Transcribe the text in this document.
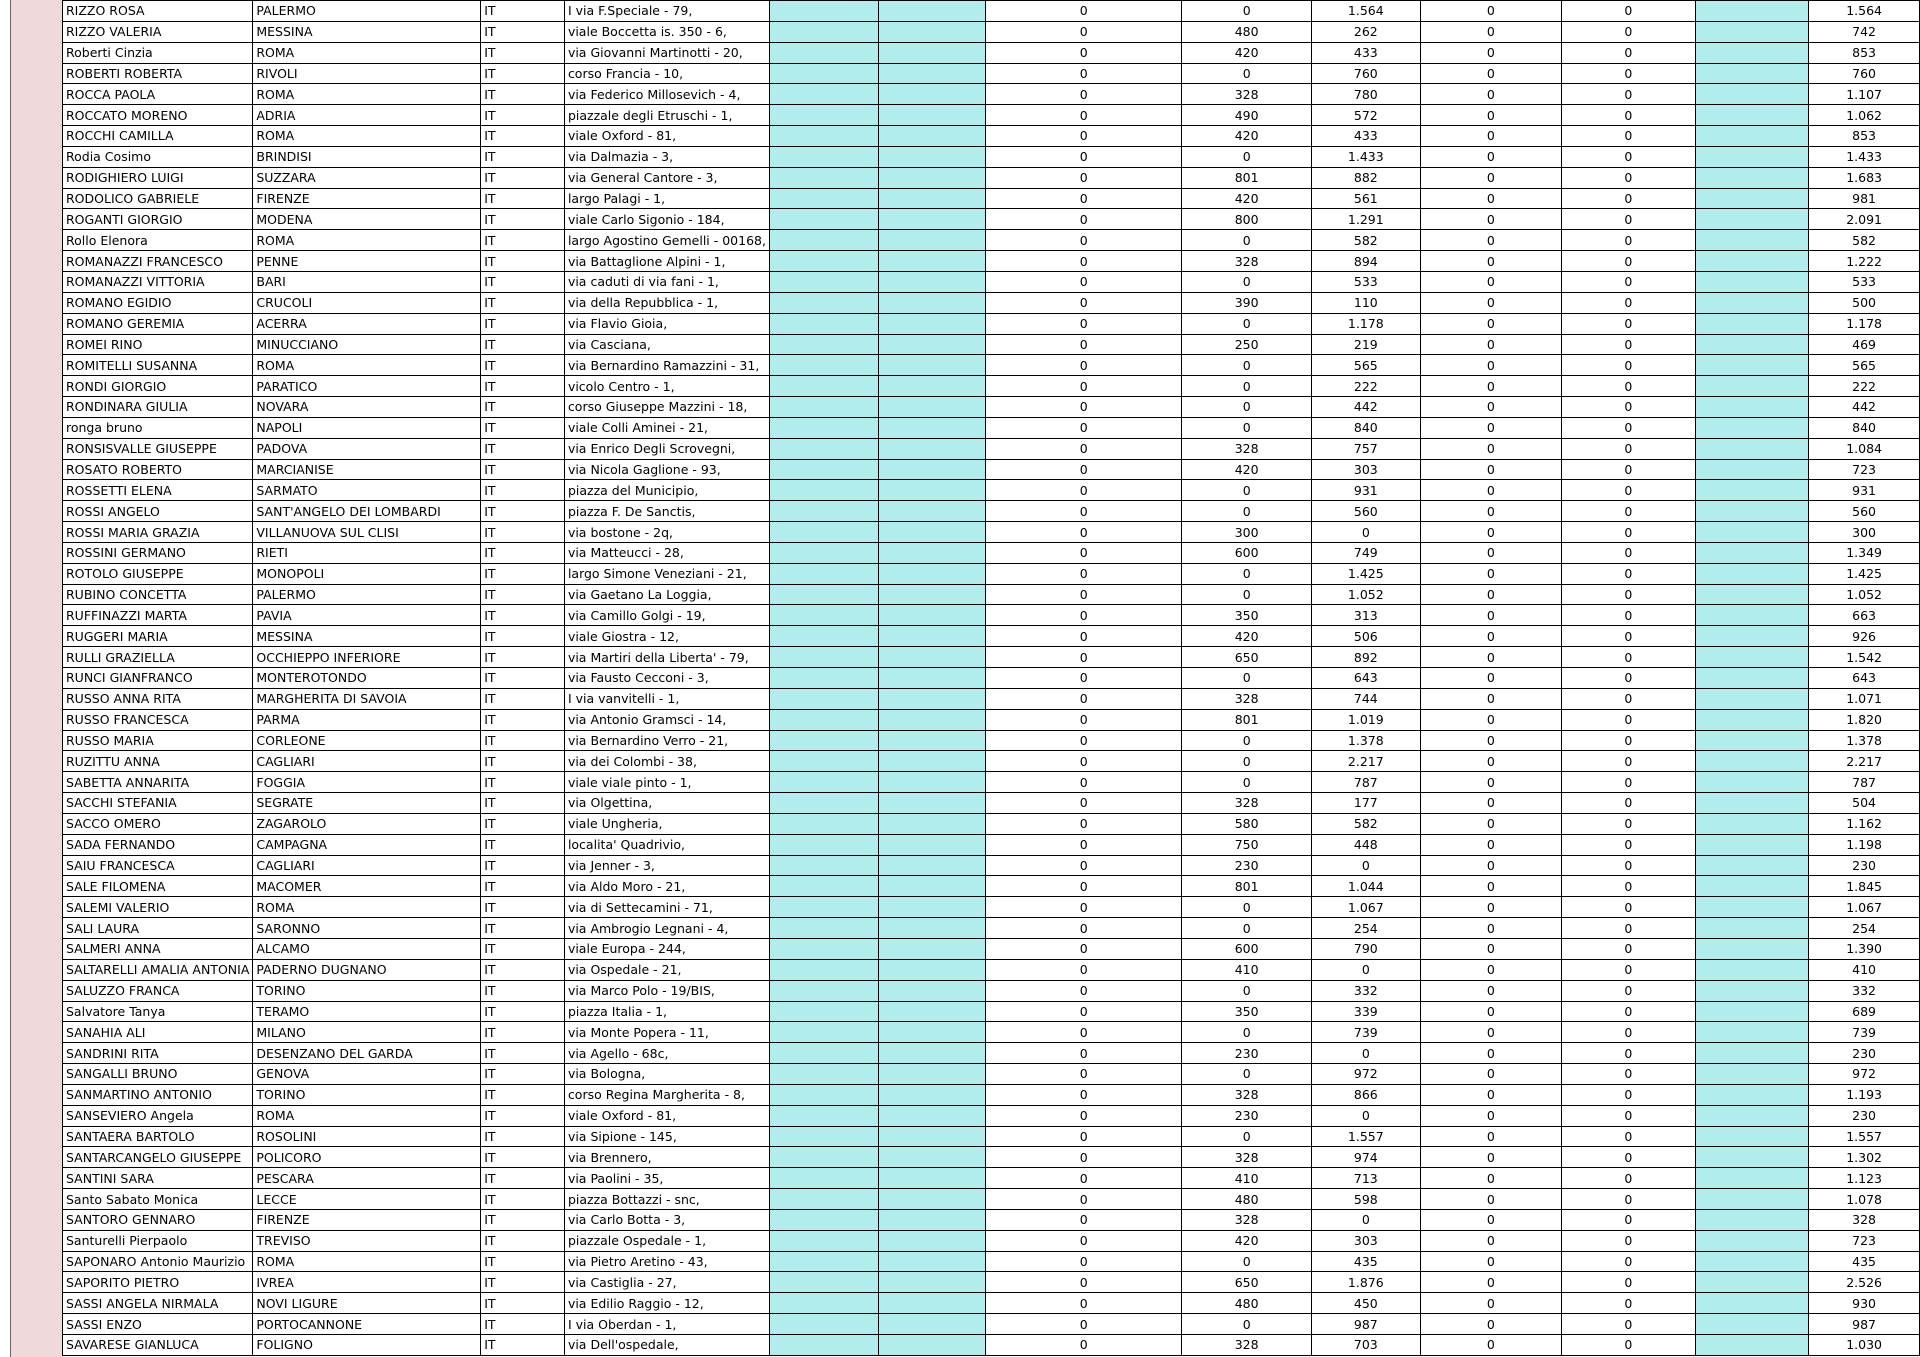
RIZZO ROSA	PALERMO	IT	I via F.Speciale - 79,			0	0	1.564	0	0		1.564
RIZZO VALERIA	MESSINA	IT	viale Boccetta is. 350 - 6,			0	480	262	0	0		742
Roberti Cinzia	ROMA	IT	via Giovanni Martinotti - 20,			0	420	433	0	0		853
ROBERTI ROBERTA	RIVOLI	IT	corso Francia - 10,			0	0	760	0	0		760
ROCCA PAOLA	ROMA	IT	via Federico Millosevich - 4,			0	328	780	0	0		1.107
ROCCATO MORENO	ADRIA	IT	piazzale degli Etruschi - 1,			0	490	572	0	0		1.062
ROCCHI CAMILLA	ROMA	IT	viale Oxford - 81,			0	420	433	0	0		853
Rodia Cosimo	BRINDISI	IT	via Dalmazia - 3,			0	0	1.433	0	0		1.433
RODIGHIERO LUIGI	SUZZARA	IT	via General Cantore - 3,			0	801	882	0	0		1.683
RODOLICO GABRIELE	FIRENZE	IT	largo Palagi - 1,			0	420	561	0	0		981
ROGANTI GIORGIO	MODENA	IT	viale Carlo Sigonio - 184,			0	800	1.291	0	0		2.091
Rollo Elenora	ROMA	IT	largo Agostino Gemelli - 00168,			0	0	582	0	0		582
ROMANAZZI FRANCESCO	PENNE	IT	via Battaglione Alpini - 1,			0	328	894	0	0		1.222
ROMANAZZI VITTORIA	BARI	IT	via caduti di via fani - 1,			0	0	533	0	0		533
ROMANO EGIDIO	CRUCOLI	IT	via della Repubblica - 1,			0	390	110	0	0		500
ROMANO GEREMIA	ACERRA	IT	via Flavio Gioia,			0	0	1.178	0	0		1.178
ROMEI RINO	MINUCCIANO	IT	via Casciana,			0	250	219	0	0		469
ROMITELLI SUSANNA	ROMA	IT	via Bernardino Ramazzini - 31,			0	0	565	0	0		565
RONDI GIORGIO	PARATICO	IT	vicolo Centro - 1,			0	0	222	0	0		222
RONDINARA GIULIA	NOVARA	IT	corso Giuseppe Mazzini - 18,			0	0	442	0	0		442
ronga bruno	NAPOLI	IT	viale Colli Aminei - 21,			0	0	840	0	0		840
RONSISVALLE GIUSEPPE	PADOVA	IT	via Enrico Degli Scrovegni,			0	328	757	0	0		1.084
ROSATO ROBERTO	MARCIANISE	IT	via Nicola Gaglione - 93,			0	420	303	0	0		723
ROSSETTI ELENA	SARMATO	IT	piazza del Municipio,			0	0	931	0	0		931
ROSSI ANGELO	SANT'ANGELO DEI LOMBARDI	IT	piazza F. De Sanctis,			0	0	560	0	0		560
ROSSI MARIA GRAZIA	VILLANUOVA SUL CLISI	IT	via bostone - 2q,			0	300	0	0	0		300
ROSSINI GERMANO	RIETI	IT	via Matteucci - 28,			0	600	749	0	0		1.349
ROTOLO GIUSEPPE	MONOPOLI	IT	largo Simone Veneziani - 21,			0	0	1.425	0	0		1.425
RUBINO CONCETTA	PALERMO	IT	via Gaetano La Loggia,			0	0	1.052	0	0		1.052
RUFFINAZZI MARTA	PAVIA	IT	via Camillo Golgi - 19,			0	350	313	0	0		663
RUGGERI MARIA	MESSINA	IT	viale Giostra - 12,			0	420	506	0	0		926
RULLI GRAZIELLA	OCCHIEPPO INFERIORE	IT	via Martiri della Liberta' - 79,			0	650	892	0	0		1.542
RUNCI GIANFRANCO	MONTEROTONDO	IT	via Fausto Cecconi - 3,			0	0	643	0	0		643
RUSSO ANNA RITA	MARGHERITA DI SAVOIA	IT	I via vanvitelli - 1,			0	328	744	0	0		1.071
RUSSO FRANCESCA	PARMA	IT	via Antonio Gramsci - 14,			0	801	1.019	0	0		1.820
RUSSO MARIA	CORLEONE	IT	via Bernardino Verro - 21,			0	0	1.378	0	0		1.378
RUZITTU ANNA	CAGLIARI	IT	via dei Colombi - 38,			0	0	2.217	0	0		2.217
SABETTA ANNARITA	FOGGIA	IT	viale viale pinto - 1,			0	0	787	0	0		787
SACCHI STEFANIA	SEGRATE	IT	via Olgettina,			0	328	177	0	0		504
SACCO OMERO	ZAGAROLO	IT	viale Ungheria,			0	580	582	0	0		1.162
SADA FERNANDO	CAMPAGNA	IT	localita' Quadrivio,			0	750	448	0	0		1.198
SAIU FRANCESCA	CAGLIARI	IT	via Jenner - 3,			0	230	0	0	0		230
SALE FILOMENA	MACOMER	IT	via Aldo Moro - 21,			0	801	1.044	0	0		1.845
SALEMI VALERIO	ROMA	IT	via di Settecamini - 71,			0	0	1.067	0	0		1.067
SALI LAURA	SARONNO	IT	via Ambrogio Legnani - 4,			0	0	254	0	0		254
SALMERI ANNA	ALCAMO	IT	viale Europa - 244,			0	600	790	0	0		1.390
SALTARELLI AMALIA ANTONIA	PADERNO DUGNANO	IT	via Ospedale - 21,			0	410	0	0	0		410
SALUZZO FRANCA	TORINO	IT	via Marco Polo - 19/BIS,			0	0	332	0	0		332
Salvatore Tanya	TERAMO	IT	piazza Italia - 1,			0	350	339	0	0		689
SANAHIA ALI	MILANO	IT	via Monte Popera - 11,			0	0	739	0	0		739
SANDRINI RITA	DESENZANO DEL GARDA	IT	via Agello - 68c,			0	230	0	0	0		230
SANGALLI BRUNO	GENOVA	IT	via Bologna,			0	0	972	0	0		972
SANMARTINO ANTONIO	TORINO	IT	corso Regina Margherita - 8,			0	328	866	0	0		1.193
SANSEVIERO Angela	ROMA	IT	viale Oxford - 81,			0	230	0	0	0		230
SANTAERA BARTOLO	ROSOLINI	IT	via Sipione - 145,			0	0	1.557	0	0		1.557
SANTARCANGELO GIUSEPPE	POLICORO	IT	via Brennero,			0	328	974	0	0		1.302
SANTINI SARA	PESCARA	IT	via Paolini - 35,			0	410	713	0	0		1.123
Santo Sabato Monica	LECCE	IT	piazza Bottazzi - snc,			0	480	598	0	0		1.078
SANTORO GENNARO	FIRENZE	IT	via Carlo Botta - 3,			0	328	0	0	0		328
Santurelli Pierpaolo	TREVISO	IT	piazzale Ospedale - 1,			0	420	303	0	0		723
SAPONARO Antonio Maurizio	ROMA	IT	via Pietro Aretino - 43,			0	0	435	0	0		435
SAPORITO PIETRO	IVREA	IT	via Castiglia - 27,			0	650	1.876	0	0		2.526
SASSI ANGELA NIRMALA	NOVI LIGURE	IT	via Edilio Raggio - 12,			0	480	450	0	0		930
SASSI ENZO	PORTOCANNONE	IT	I via Oberdan - 1,			0	0	987	0	0		987
SAVARESE GIANLUCA	FOLIGNO	IT	via Dell'ospedale,			0	328	703	0	0		1.030
